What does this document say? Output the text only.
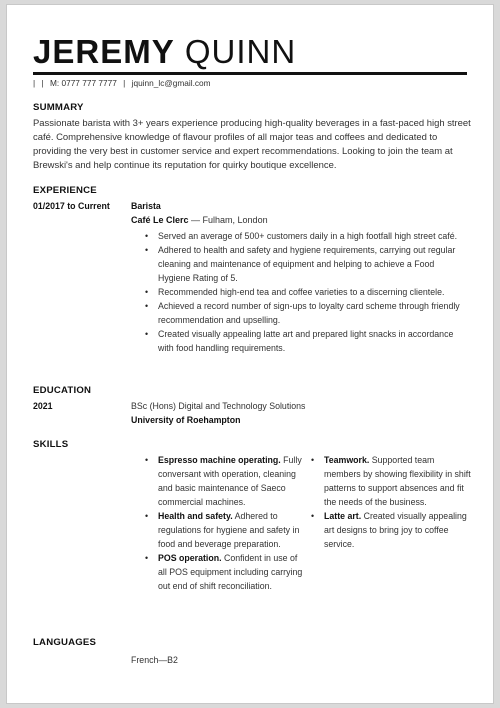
JEREMY QUINN
| | M: 0777 777 7777 | jquinn_lc@gmail.com
SUMMARY
Passionate barista with 3+ years experience producing high-quality beverages in a fast-paced high street café. Comprehensive knowledge of flavour profiles of all major teas and coffees and dedicated to providing the very best in customer service and expert recommendations. Looking to join the team at Brewski's and help continue its reputation for quirky boutique excellence.
EXPERIENCE
01/2017 to Current Barista
Café Le Clerc — Fulham, London
• Served an average of 500+ customers daily in a high footfall high street café.
• Adhered to health and safety and hygiene requirements, carrying out regular cleaning and maintenance of equipment and helping to achieve a Food Hygiene Rating of 5.
• Recommended high-end tea and coffee varieties to a discerning clientele.
• Achieved a record number of sign-ups to loyalty card scheme through friendly recommendation and upselling.
• Created visually appealing latte art and prepared light snacks in accordance with food handling requirements.
EDUCATION
2021	BSc (Hons) Digital and Technology Solutions
University of Roehampton
SKILLS
• Espresso machine operating. Fully conversant with operation, cleaning and basic maintenance of Saeco commercial machines.
• Health and safety. Adhered to regulations for hygiene and safety in food and beverage preparation.
• POS operation. Confident in use of all POS equipment including carrying out end of shift reconciliation.
• Teamwork. Supported team members by showing flexibility in shift patterns to support absences and fit the needs of the business.
• Latte art. Created visually appealing art designs to bring joy to coffee service.
LANGUAGES
French—B2
